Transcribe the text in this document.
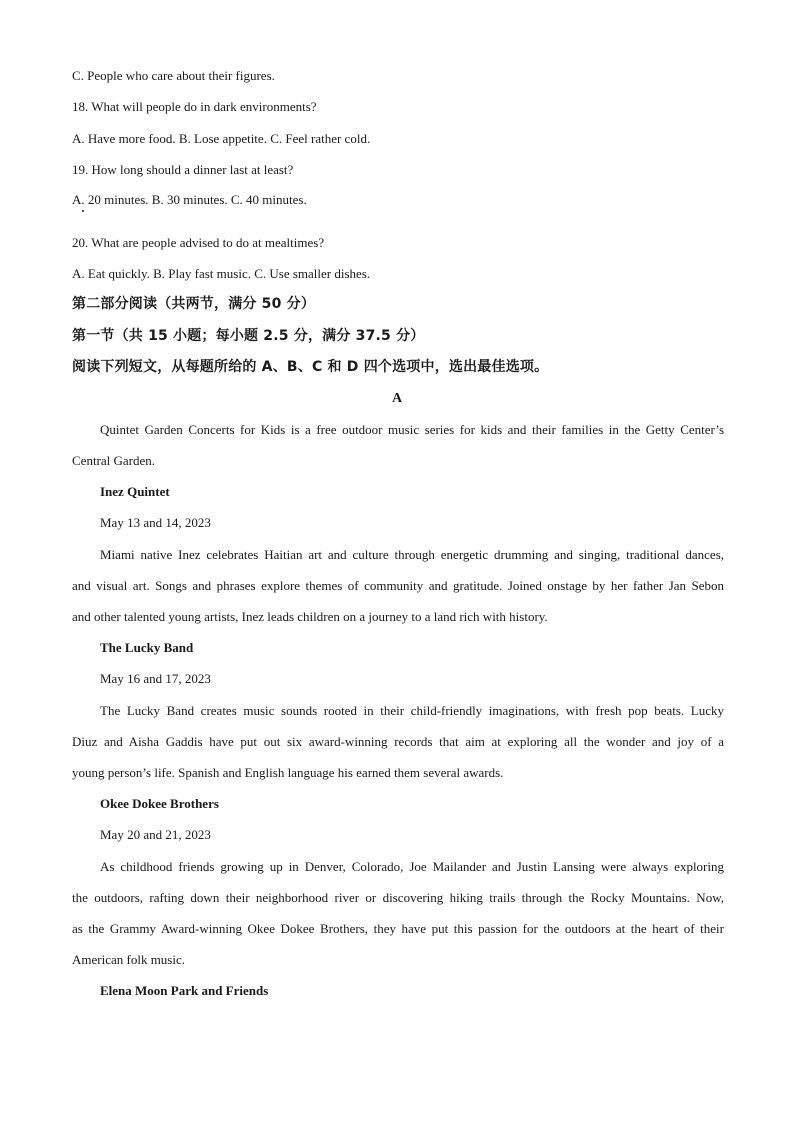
C. People who care about their figures.
18. What will people do in dark environments?
A. Have more food. B. Lose appetite. C. Feel rather cold.
19. How long should a dinner last at least?
A. 20 minutes. B. 30 minutes. C. 40 minutes.
20. What are people advised to do at mealtimes?
A. Eat quickly. B. Play fast music. C. Use smaller dishes.
第二部分阅读（共两节，满分 50 分）
第一节（共 15 小题；每小题 2.5 分，满分 37.5 分）
阅读下列短文，从每题所给的 A、B、C 和 D 四个选项中，选出最佳选项。
A
Quintet Garden Concerts for Kids is a free outdoor music series for kids and their families in the Getty Center’s
Central Garden.
Inez Quintet
May 13 and 14, 2023
Miami native Inez celebrates Haitian art and culture through energetic drumming and singing, traditional dances,
and visual art. Songs and phrases explore themes of community and gratitude. Joined onstage by her father Jan Sebon
and other talented young artists, Inez leads children on a journey to a land rich with history.
The Lucky Band
May 16 and 17, 2023
The Lucky Band creates music sounds rooted in their child-friendly imaginations, with fresh pop beats. Lucky
Diuz and Aisha Gaddis have put out six award-winning records that aim at exploring all the wonder and joy of a
young person’s life. Spanish and English language his earned them several awards.
Okee Dokee Brothers
May 20 and 21, 2023
As childhood friends growing up in Denver, Colorado, Joe Mailander and Justin Lansing were always exploring
the outdoors, rafting down their neighborhood river or discovering hiking trails through the Rocky Mountains. Now,
as the Grammy Award-winning Okee Dokee Brothers, they have put this passion for the outdoors at the heart of their
American folk music.
Elena Moon Park and Friends
